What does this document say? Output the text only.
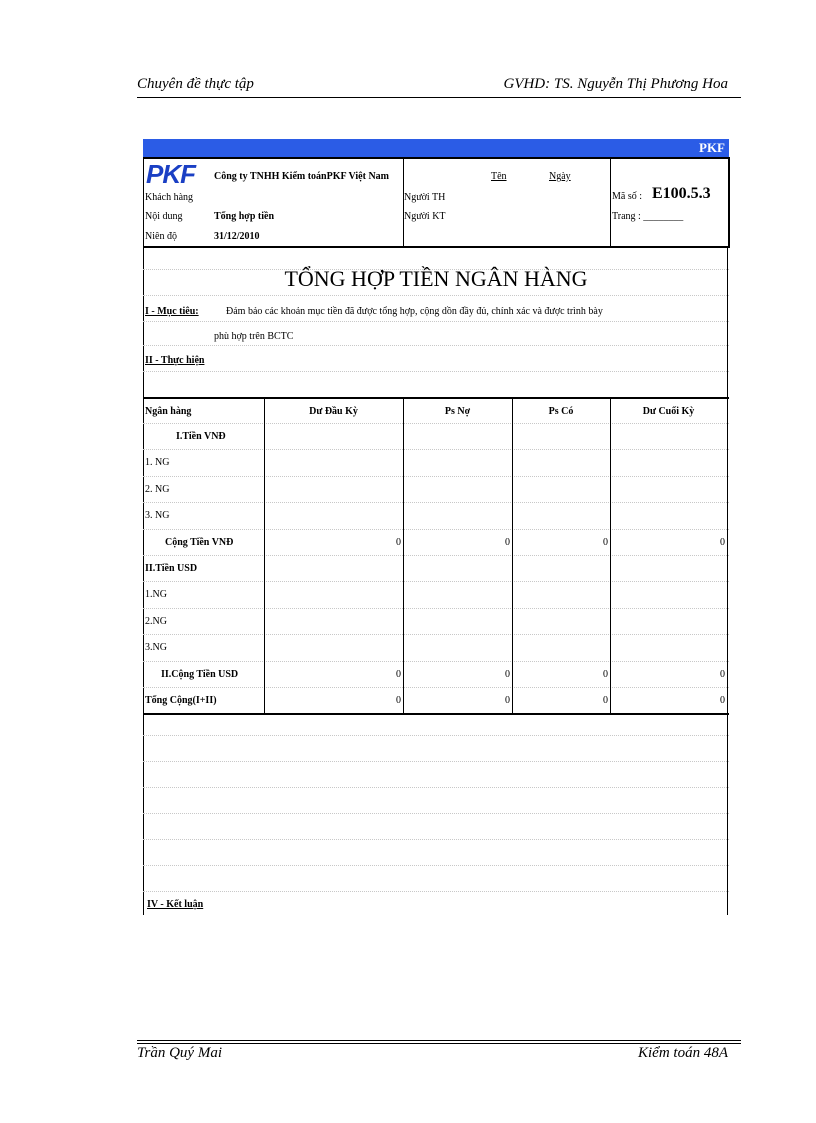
Chuyên đề thực tập	GVHD: TS. Nguyễn Thị Phương Hoa
PKF
PKF Công ty TNHH Kiểm toánPKF Việt Nam
Khách hàng
Nội dung	Tổng hợp tiền
Niên độ	31/12/2010
Tên	Ngày
Người TH
Người KT
Mã số : E100.5.3
Trang : ________
TỔNG HỢP TIỀN NGÂN HÀNG
I - Mục tiêu:	Đảm bảo các khoản mục tiền đã được tổng hợp, cộng dồn đầy đủ, chính xác và được trình bày
phù hợp trên BCTC
II - Thực hiện
Ngân hàng	Dư Đầu Kỳ	Ps Nợ	Ps Có	Dư Cuối Kỳ
I.Tiền VNĐ
1. NG
2. NG
3. NG
Cộng Tiền VNĐ	0	0	0	0
II.Tiền USD
1.NG
2.NG
3.NG
II.Cộng Tiền USD	0	0	0	0
Tổng Cộng(I+II)	0	0	0	0
IV - Kết luận
Trần Quý Mai	Kiểm toán 48A
